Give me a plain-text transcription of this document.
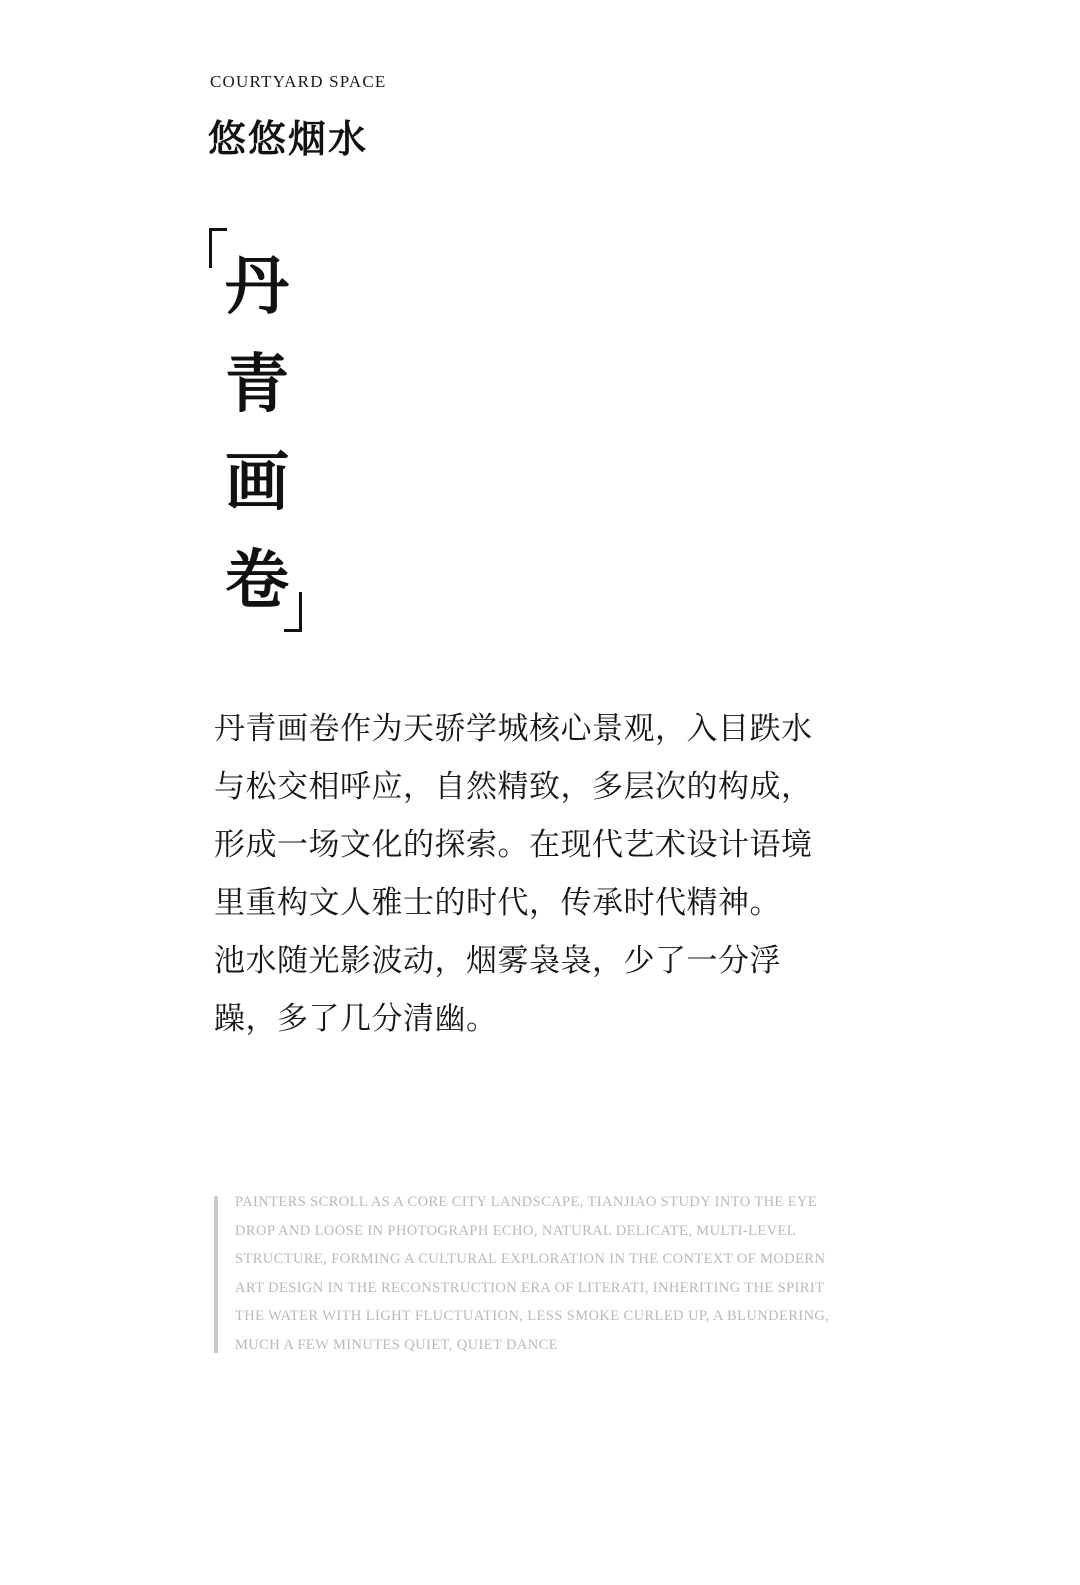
COURTYARD SPACE
悠悠烟水
丹
青
画
卷

丹青画卷作为天骄学城核心景观，入目跌水与松交相呼应，自然精致，多层次的构成，形成一场文化的探索。在现代艺术设计语境里重构文人雅士的时代，传承时代精神。

池水随光影波动，烟雾袅袅，少了一分浮躁，多了几分清幽。

PAINTERS SCROLL AS A CORE CITY LANDSCAPE, TIANJIAO STUDY INTO THE EYE DROP AND LOOSE IN PHOTOGRAPH ECHO, NATURAL DELICATE, MULTI-LEVEL STRUCTURE, FORMING A CULTURAL EXPLORATION IN THE CONTEXT OF MODERN ART DESIGN IN THE RECONSTRUCTION ERA OF LITERATI, INHERITING THE SPIRIT THE WATER WITH LIGHT FLUCTUATION, LESS SMOKE CURLED UP, A BLUNDERING, MUCH A FEW MINUTES QUIET, QUIET DANCE
